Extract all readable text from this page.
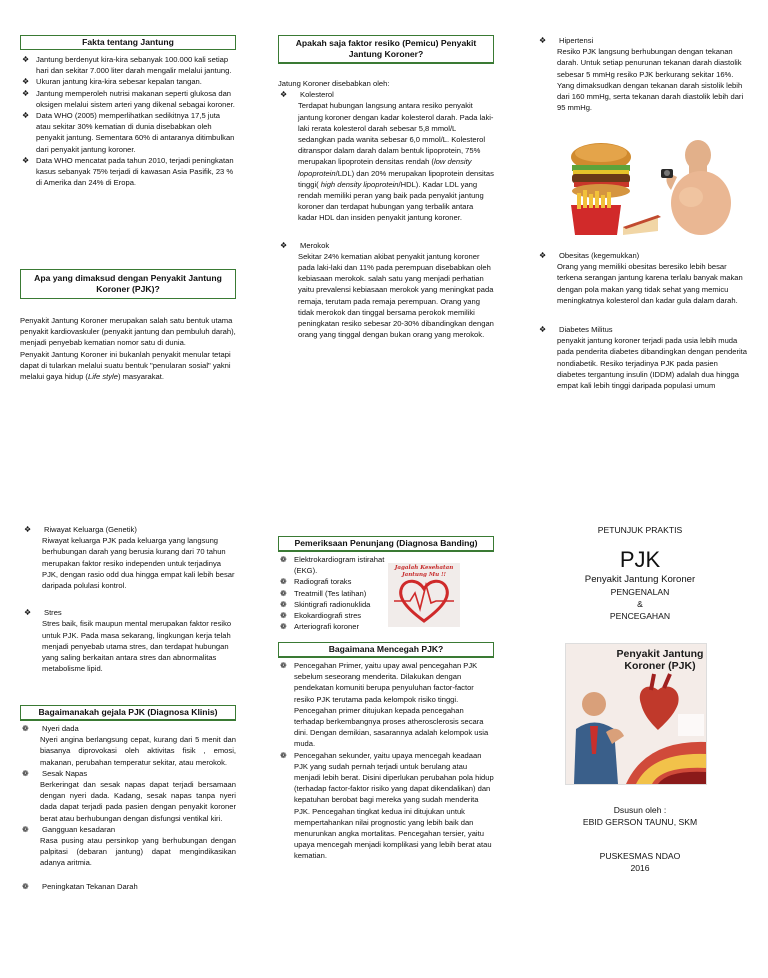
Fakta tentang Jantung
❖ Jantung berdenyut kira-kira sebanyak 100.000 kali setiap hari dan sekitar 7.000 liter darah mengalir melalui jantung.
❖ Ukuran jantung kira-kira sebesar kepalan tangan.
❖ Jantung memperoleh nutrisi makanan seperti glukosa dan oksigen melalui sistem arteri yang dikenal sebagai koroner.
❖ Data WHO (2005) memperlihatkan sedikitnya 17,5 juta atau sekitar 30% kematian di dunia disebabkan oleh penyakit jantung. Sementara 60% di antaranya ditimbulkan dari penyakit jantung koroner.
❖ Data WHO mencatat pada tahun 2010, terjadi peningkatan kasus sebanyak 75% terjadi di kawasan Asia Pasifik, 23 % di Amerika dan 24% di Eropa.
Apa yang dimaksud dengan Penyakit Jantung Koroner (PJK)?

Penyakit Jantung Koroner merupakan salah satu bentuk utama penyakit kardiovaskuler (penyakit jantung dan pembuluh darah), menjadi penyebab kematian nomor satu di dunia.

Penyakit Jantung Koroner ini bukanlah penyakit menular tetapi dapat di tularkan melalui suatu bentuk "penularan sosial" yakni melalui gaya hidup (Life style) masyarakat.

Apakah saja faktor resiko (Pemicu) Penyakit Jantung Koroner?

Jatung Koroner disebabkan oleh:

❖ Kolesterol

Terdapat hubungan langsung antara resiko penyakit jantung koroner dengan kadar kolesterol darah. Pada laki-laki rerata kolesterol darah sebesar 5,8 mmol/L sedangkan pada wanita sebesar 6,0 mmol/L. Kolesterol ditranspor dalam darah dalam bentuk lipoprotein, 75% merupakan lipoprotein densitas rendah (low density lopoprotein/LDL) dan 20% merupakan lipoprotein densitas tinggi( high density lipoprotein/HDL). Kadar LDL yang rendah memiliki peran yang baik pada penyakit jantung koroner dan terdapat hubungan yang terbalik antara kadar HDL dan insiden penyakit jantung koroner.

❖ Merokok

Sekitar 24% kematian akibat penyakit jantung koroner pada laki-laki dan 11% pada perempuan disebabkan oleh kebiasaan merokok. salah satu yang menjadi perhatian yaitu prevalensi kebiasaan merokok yang meningkat pada remaja, terutam pada remaja perempuan. Orang yang tidak merokok dan tinggal bersama perokok memiliki peningkatan resiko sebesar 20-30% dibandingkan dengan orang yang tinggal dengan bukan orang yang merokok.

❖ Hipertensi

Resiko PJK langsung berhubungan dengan tekanan darah. Untuk setiap penurunan tekanan darah diastolik sebesar 5 mmHg resiko PJK berkurang sekitar 16%. Yang dimaksudkan dengan tekanan darah sistolik lebih dari 160 mmHg, serta tekanan darah diastolik lebih dari 95 mmHg.

❖ Obesitas (kegemukkan)

Orang yang memiliki obesitas beresiko lebih besar terkena serangan jantung karena terlalu banyak makan dengan pola makan yang tidak sehat yang memicu meningkatnya kolesterol dan kadar gula dalam darah.

❖ Diabetes Militus

penyakit jantung koroner terjadi pada usia lebih muda pada penderita diabetes dibandingkan dengan penderita nondiabetik. Resiko terjadinya PJK pada pasien diabetes tergantung insulin (IDDM) adalah dua hingga empat kali lebih tinggi daripada populasi umum

❖ Riwayat Keluarga (Genetik)

Riwayat keluarga PJK pada keluarga yang langsung berhubungan darah yang berusia kurang dari 70 tahun merupakan faktor resiko independen untuk terjadinya PJK, dengan rasio odd dua hingga empat kali lebih besar daripada polulasi kontrol.

❖ Stres

Stres baik, fisik maupun mental merupakan faktor resiko untuk PJK. Pada masa sekarang, lingkungan kerja telah menjadi penyebab utama stres, dan terdapat hubungan yang saling berkaitan antara stres dan abnormalitas metabolisme lipid.

Bagaimanakah gejala PJK (Diagnosa Klinis)
❁ Nyeri dada

Nyeri angina berlangsung cepat, kurang dari 5 menit dan biasanya diprovokasi oleh aktivitas fisik , emosi, makanan, perubahan temperatur sekitar, atau merokok.

❁ Sesak Napas

Berkeringat dan sesak napas dapat terjadi bersamaan dengan nyeri dada. Kadang, sesak napas tanpa nyeri dada dapat terjadi pada pasien dengan penyakit koroner berat atau berhubungan dengan disfungsi ventikal kiri.

❁ Gangguan kesadaran

Rasa pusing atau persinkop yang berhubungan dengan palpitasi (debaran jantung) dapat mengindikasikan adanya aritmia.

❁ Peningkatan Tekanan Darah
Pemeriksaan Penunjang (Diagnosa Banding)
❁ Elektrokardiogram istirahat (EKG).
❁ Radiografi toraks
❁ Treatmill (Tes latihan)
❁ Skintigrafi radionuklida
❁ Ekokardiografi stres
❁ Arteriografi koroner
Jagalah Kesehatan Jantung Mu !!
Bagaimana Mencegah PJK?
❁ Pencegahan Primer, yaitu upay awal pencegahan PJK sebelum seseorang menderita. Dilakukan dengan pendekatan komuniti berupa penyuluhan factor-factor resiko PJK terutama pada kelompok risiko tinggi. Pencegahan primer ditujukan kepada pencegahan terhadap berkembangnya proses atherosclerosis secara dini. Dengan demikian, sasarannya adalah kelompok usia muda.
❁ Pencegahan sekunder, yaitu upaya mencegah keadaan PJK yang sudah pernah terjadi untuk berulang atau menjadi lebih berat. Disini diperlukan perubahan pola hidup (terhadap factor-faktor risiko yang dapat dikendalikan) dan kepatuhan berobat bagi mereka yang sudah menderita PJK. Pencegahan tingkat kedua ini ditujukan untuk mempertahankan nilai prognostic yang lebih baik dan menurunkan angka mortalitas. Pencegahan tersier, yaitu upaya mencegah menjadi komplikasi yang lebih berat atau kematian.
PETUNJUK PRAKTIS
PJK
Penyakit Jantung Koroner
PENGENALAN
&
PENCEGAHAN
Penyakit Jantung Koroner (PJK)
Dsusun oleh :
EBID GERSON TAUNU, SKM
PUSKESMAS NDAO
2016
